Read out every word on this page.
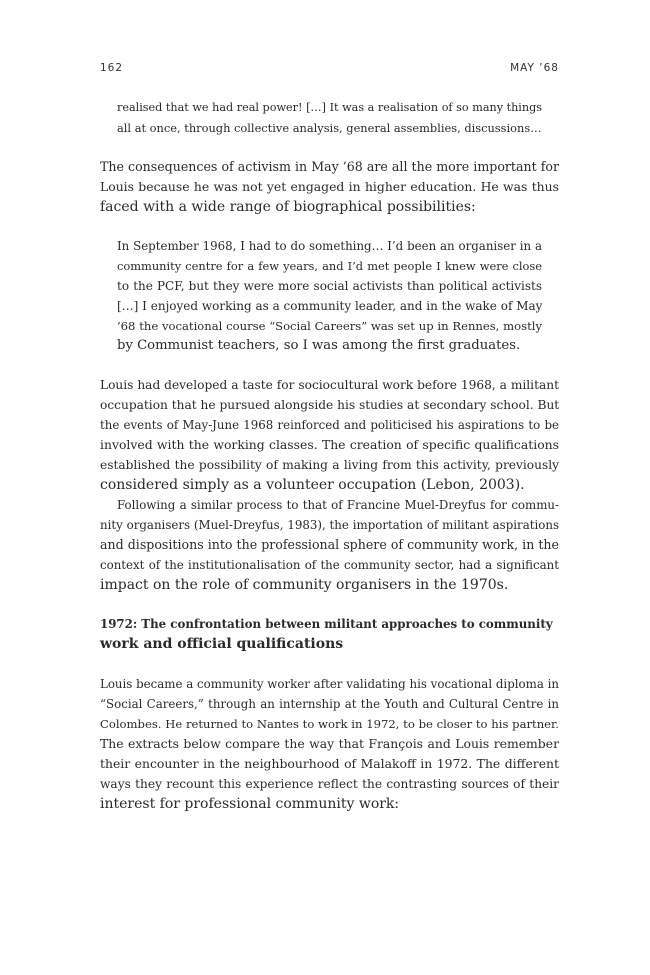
162	MAY ’68
realised that we had real power! […] It was a realisation of so many things
all at once, through collective analysis, general assemblies, discussions…
The consequences of activism in May ’68 are all the more important for
Louis because he was not yet engaged in higher education. He was thus
faced with a wide range of biographical possibilities:
In September 1968, I had to do something… I’d been an organiser in a
community centre for a few years, and I’d met people I knew were close
to the PCF, but they were more social activists than political activists
[…] I enjoyed working as a community leader, and in the wake of May
’68 the vocational course “Social Careers” was set up in Rennes, mostly
by Communist teachers, so I was among the first graduates.
Louis had developed a taste for sociocultural work before 1968, a militant
occupation that he pursued alongside his studies at secondary school. But
the events of May-June 1968 reinforced and politicised his aspirations to be
involved with the working classes. The creation of specific qualifications
established the possibility of making a living from this activity, previously
considered simply as a volunteer occupation (Lebon, 2003).
Following a similar process to that of Francine Muel-Dreyfus for commu-
nity organisers (Muel-Dreyfus, 1983), the importation of militant aspirations
and dispositions into the professional sphere of community work, in the
context of the institutionalisation of the community sector, had a significant
impact on the role of community organisers in the 1970s.
1972: The confrontation between militant approaches to community
work and official qualifications
Louis became a community worker after validating his vocational diploma in
“Social Careers,” through an internship at the Youth and Cultural Centre in
Colombes. He returned to Nantes to work in 1972, to be closer to his partner.
The extracts below compare the way that François and Louis remember
their encounter in the neighbourhood of Malakoff in 1972. The different
ways they recount this experience reflect the contrasting sources of their
interest for professional community work:
